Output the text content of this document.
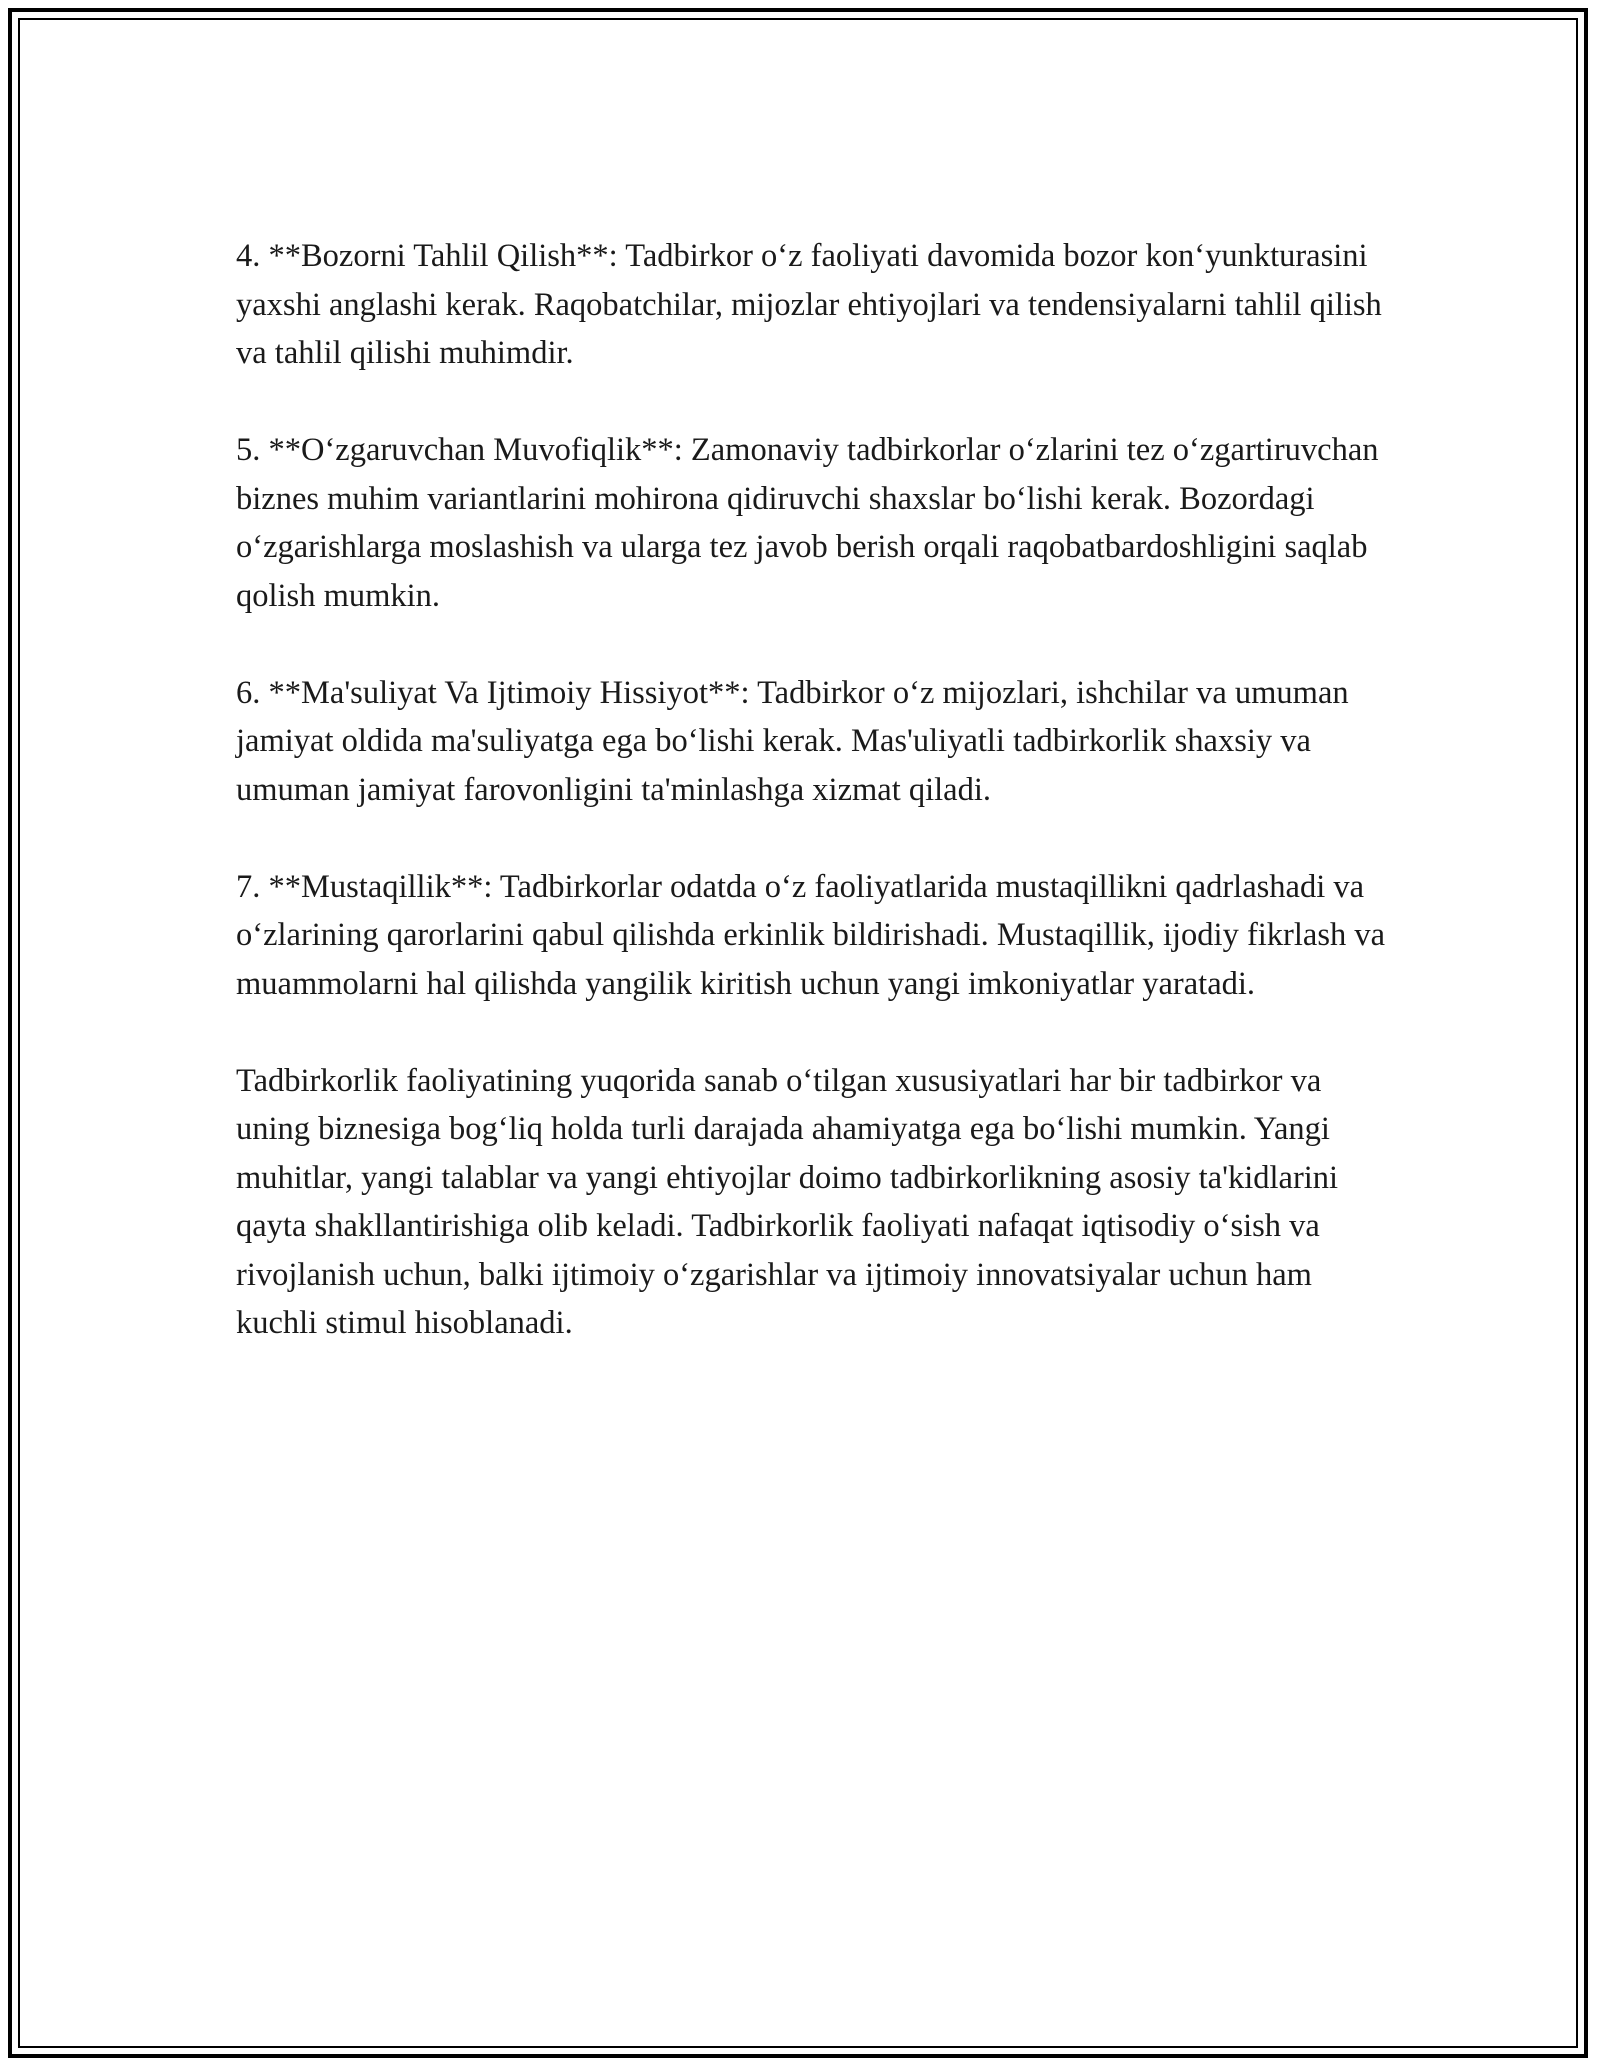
4. **Bozorni Tahlil Qilish**: Tadbirkor o‘z faoliyati davomida bozor kon‘yunkturasini yaxshi anglashi kerak. Raqobatchilar, mijozlar ehtiyojlari va tendensiyalarni tahlil qilish va tahlil qilishi muhimdir.

5. **O‘zgaruvchan Muvofiqlik**: Zamonaviy tadbirkorlar o‘zlarini tez o‘zgartiruvchan biznes muhim variantlarini mohirona qidiruvchi shaxslar bo‘lishi kerak. Bozordagi o‘zgarishlarga moslashish va ularga tez javob berish orqali raqobatbardoshligini saqlab qolish mumkin.

6. **Ma'suliyat Va Ijtimoiy Hissiyot**: Tadbirkor o‘z mijozlari, ishchilar va umuman jamiyat oldida ma'suliyatga ega bo‘lishi kerak. Mas'uliyatli tadbirkorlik shaxsiy va umuman jamiyat farovonligini ta'minlashga xizmat qiladi.

7. **Mustaqillik**: Tadbirkorlar odatda o‘z faoliyatlarida mustaqillikni qadrlashadi va o‘zlarining qarorlarini qabul qilishda erkinlik bildirishadi. Mustaqillik, ijodiy fikrlash va muammolarni hal qilishda yangilik kiritish uchun yangi imkoniyatlar yaratadi.

Tadbirkorlik faoliyatining yuqorida sanab o‘tilgan xususiyatlari har bir tadbirkor va uning biznesiga bog‘liq holda turli darajada ahamiyatga ega bo‘lishi mumkin. Yangi muhitlar, yangi talablar va yangi ehtiyojlar doimo tadbirkorlikning asosiy ta'kidlarini qayta shakllantirishiga olib keladi. Tadbirkorlik faoliyati nafaqat iqtisodiy o‘sish va rivojlanish uchun, balki ijtimoiy o‘zgarishlar va ijtimoiy innovatsiyalar uchun ham kuchli stimul hisoblanadi.
